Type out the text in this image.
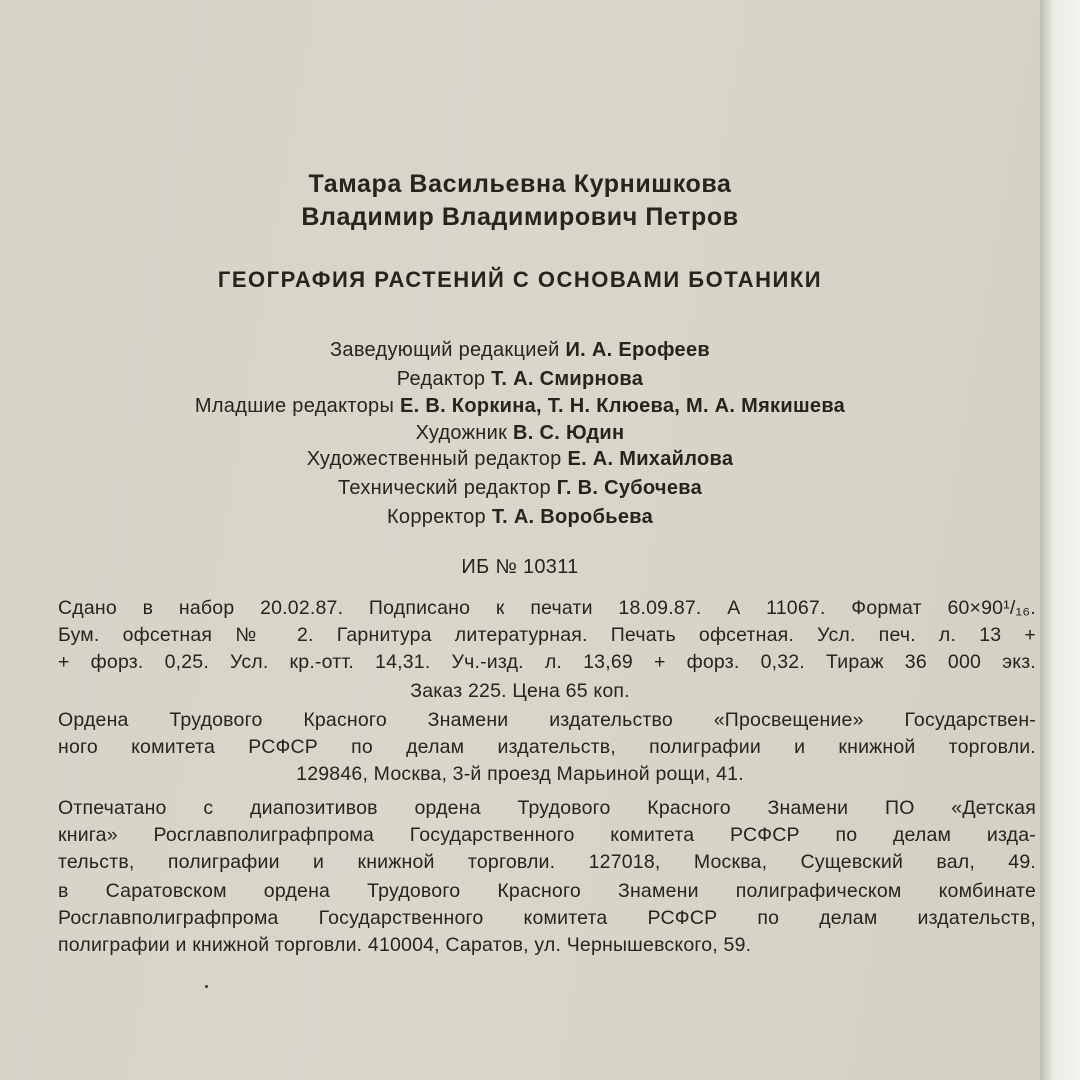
Тамара Васильевна Курнишкова
Владимир Владимирович Петров
ГЕОГРАФИЯ РАСТЕНИЙ С ОСНОВАМИ БОТАНИКИ
Заведующий редакцией И. А. Ерофеев
Редактор Т. А. Смирнова
Младшие редакторы Е. В. Коркина, Т. Н. Клюева, М. А. Мякишева
Художник В. С. Юдин
Художественный редактор Е. А. Михайлова
Технический редактор Г. В. Субочева
Корректор Т. А. Воробьева
ИБ № 10311
Сдано в набор 20.02.87. Подписано к печати 18.09.87. А 11067. Формат 60×90¹/₁₆.
Бум. офсетная № 2. Гарнитура литературная. Печать офсетная. Усл. печ. л. 13 +
+ форз. 0,25. Усл. кр.-отт. 14,31. Уч.-изд. л. 13,69 + форз. 0,32. Тираж 36 000 экз.
Заказ 225. Цена 65 коп.
Ордена Трудового Красного Знамени издательство «Просвещение» Государствен-
ного комитета РСФСР по делам издательств, полиграфии и книжной торговли.
129846, Москва, 3-й проезд Марьиной рощи, 41.
Отпечатано с диапозитивов ордена Трудового Красного Знамени ПО «Детская
книга» Росглавполиграфпрома Государственного комитета РСФСР по делам изда-
тельств, полиграфии и книжной торговли. 127018, Москва, Сущевский вал, 49.
в Саратовском ордена Трудового Красного Знамени полиграфическом комбинате
Росглавполиграфпрома Государственного комитета РСФСР по делам издательств,
полиграфии и книжной торговли. 410004, Саратов, ул. Чернышевского, 59.
